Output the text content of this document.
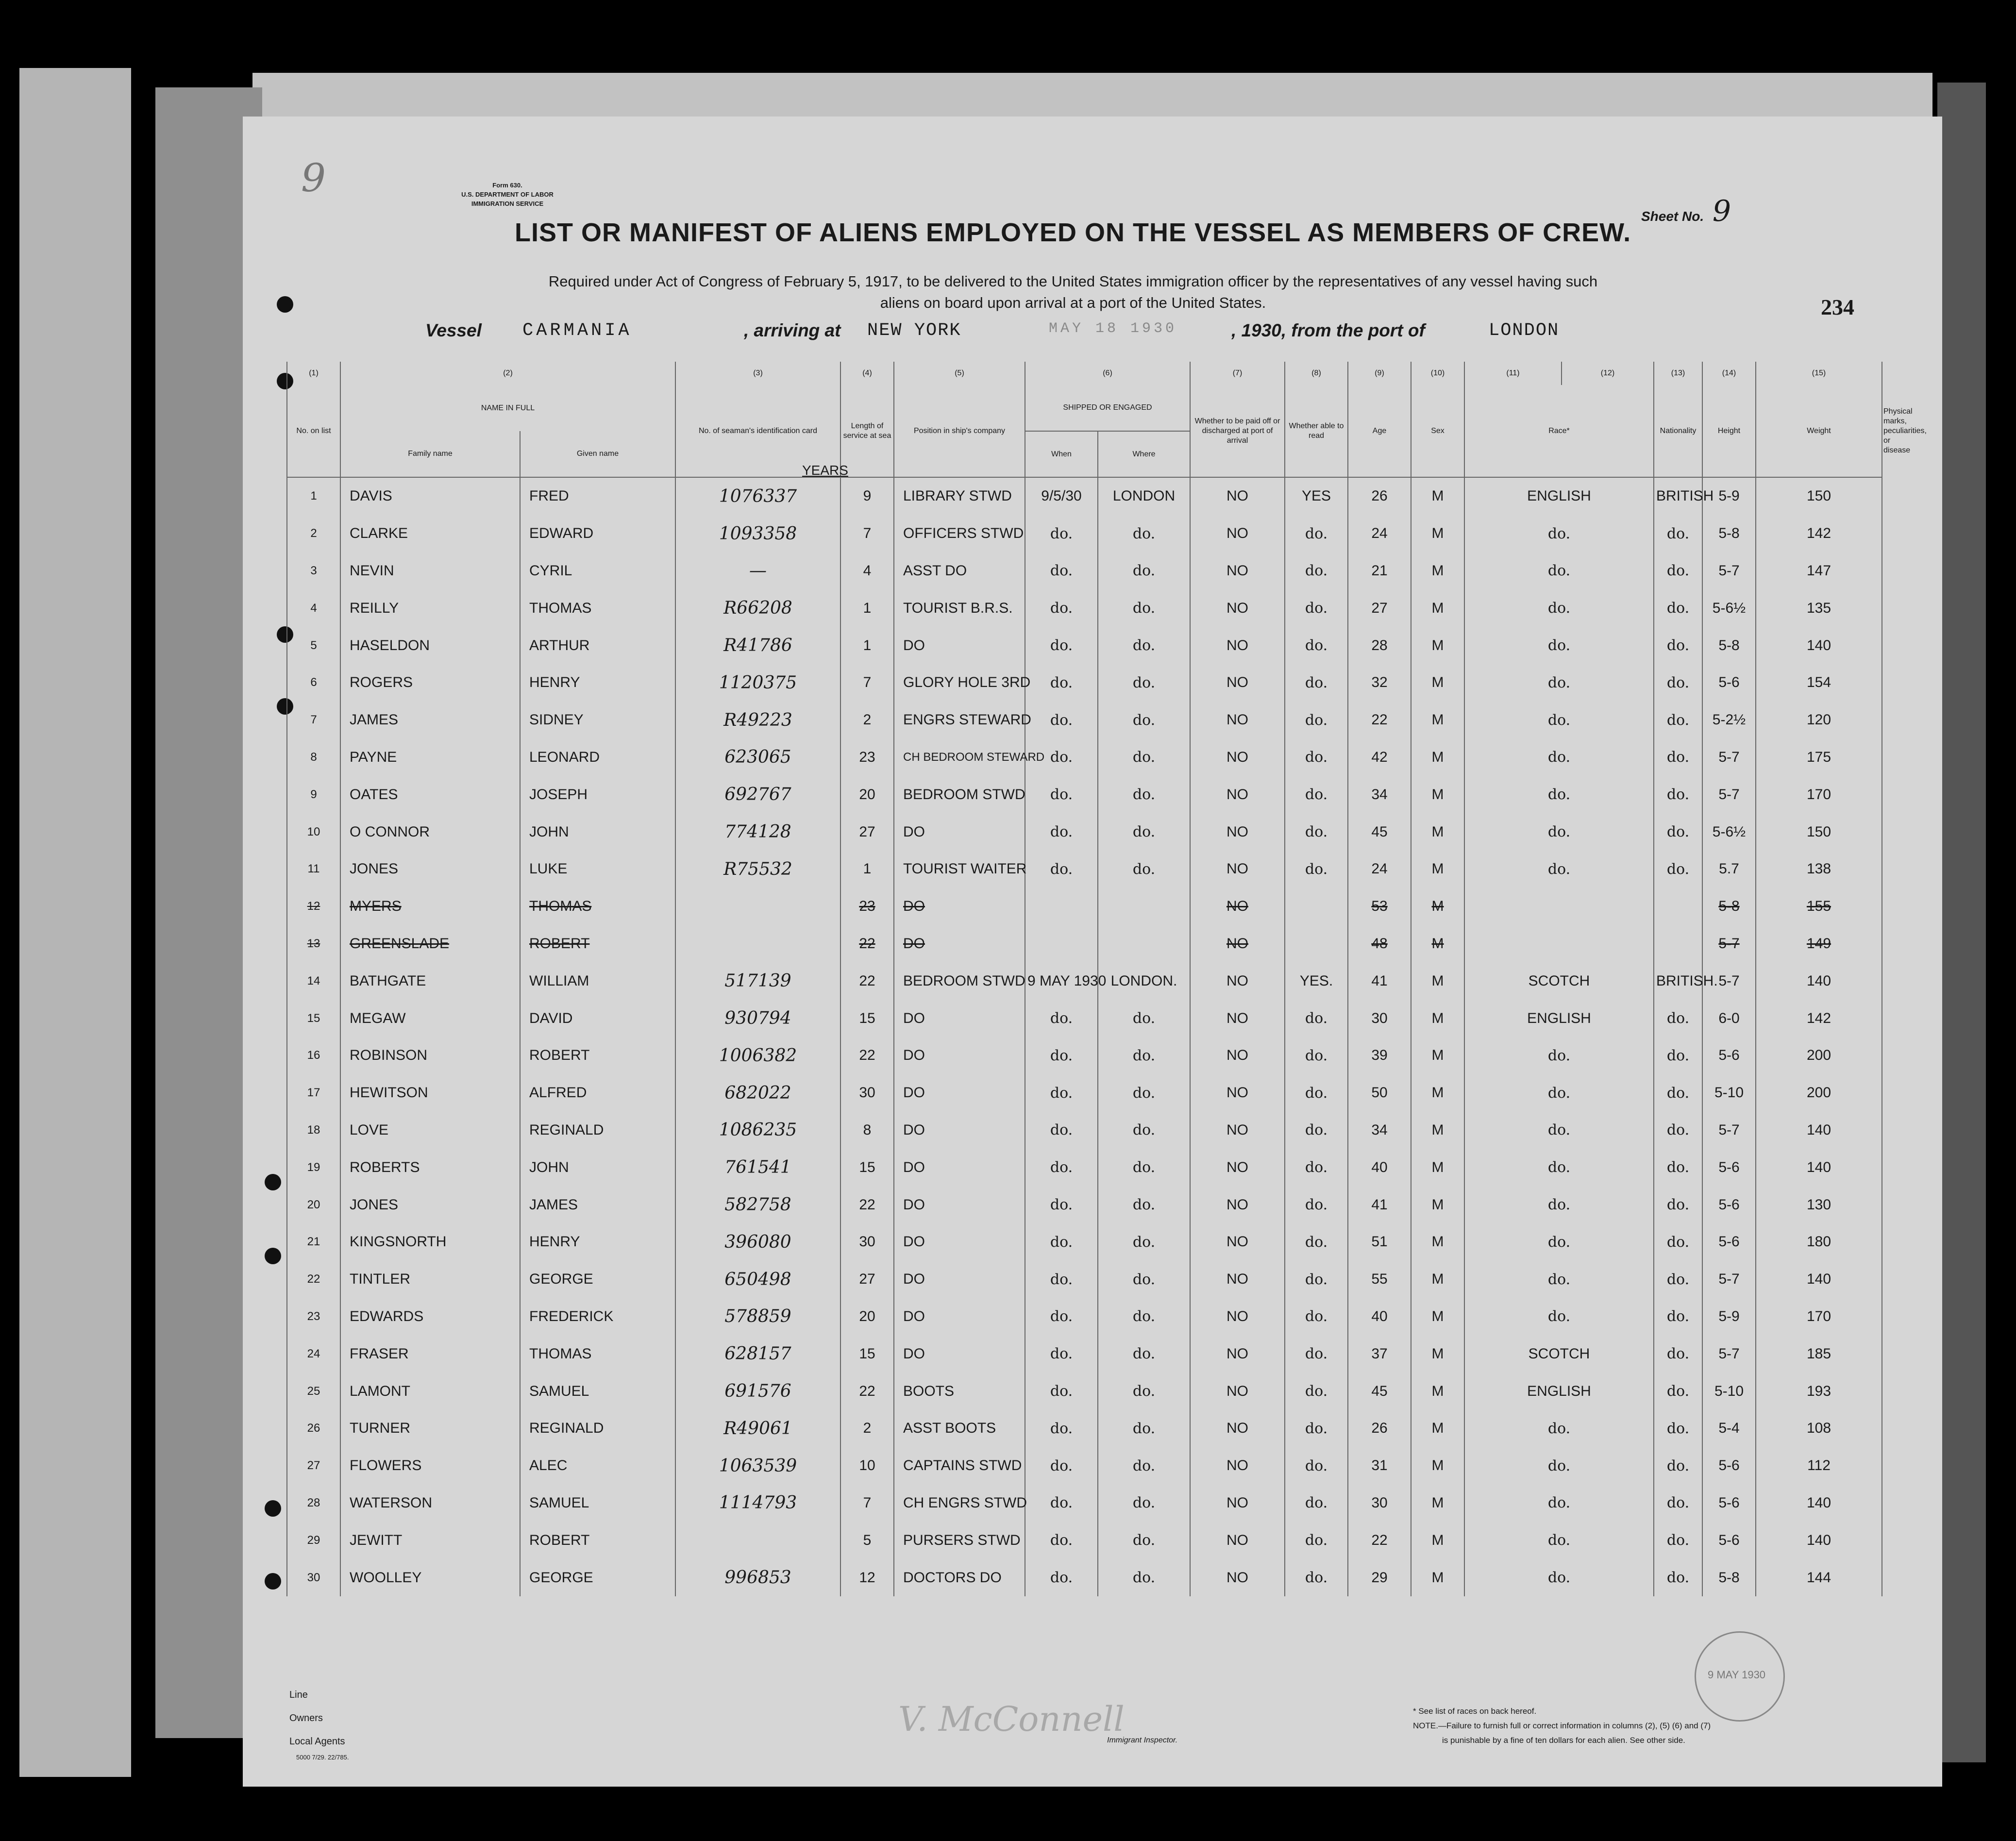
9	Form 630.
U.S. DEPARTMENT OF LABOR
IMMIGRATION SERVICE
Sheet No. 9
LIST OR MANIFEST OF ALIENS EMPLOYED ON THE VESSEL AS MEMBERS OF CREW.
Required under Act of Congress of February 5, 1917, to be delivered to the United States immigration officer by the representatives of any vessel having such
aliens on board upon arrival at a port of the United States.	234
Vessel CARMANIA	, arriving at NEW YORK	MAY 18 1930	, 1930, from the port of	LONDON
(1)	(2)		(3)	(4)	(5)	(6)		(7)	(8)	(9)	(10)	(11)	(12)	(13)	(14)	(15)	
No. on list	NAME IN FULL		No. of seaman's identification card	Length of service at sea	Position in ship's company	SHIPPED OR ENGAGED		Whether to be paid off or discharged at port of arrival	Whether able to read	Age	Sex	Race*		Nationality	Height	Weight	
	Family name	Given name				When	Where										
1	DAVIS	FRED	1076337	9	LIBRARY STWD	9/5/30	LONDON	NO	YES	26	M	ENGLISH		BRITISH	5-9	150	
2	CLARKE	EDWARD	1093358	7	OFFICERS STWD	do.	do.	NO	do.	24	M	do.		do.	5-8	142	
3	NEVIN	CYRIL	—	4	ASST DO	do.	do.	NO	do.	21	M	do.		do.	5-7	147	
4	REILLY	THOMAS	R66208	1	TOURIST B.R.S.	do.	do.	NO	do.	27	M	do.		do.	5-6½	135	
5	HASELDON	ARTHUR	R41786	1	DO	do.	do.	NO	do.	28	M	do.		do.	5-8	140	
6	ROGERS	HENRY	1120375	7	GLORY HOLE 3RD	do.	do.	NO	do.	32	M	do.		do.	5-6	154	
7	JAMES	SIDNEY	R49223	2	ENGRS STEWARD	do.	do.	NO	do.	22	M	do.		do.	5-2½	120	
8	PAYNE	LEONARD	623065	23	CH BEDROOM STEWARD	do.	do.	NO	do.	42	M	do.		do.	5-7	175	
9	OATES	JOSEPH	692767	20	BEDROOM STWD	do.	do.	NO	do.	34	M	do.		do.	5-7	170	
10	O CONNOR	JOHN	774128	27	DO	do.	do.	NO	do.	45	M	do.		do.	5-6½	150	
11	JONES	LUKE	R75532	1	TOURIST WAITER	do.	do.	NO	do.	24	M	do.		do.	5.7	138	
12	MYERS	THOMAS		23	DO			NO		53	M				5-8	155	
13	GREENSLADE	ROBERT		22	DO			NO		48	M				5-7	149	
14	BATHGATE	WILLIAM	517139	22	BEDROOM STWD	9 MAY 1930	LONDON.	NO	YES.	41	M	SCOTCH		BRITISH.	5-7	140	
15	MEGAW	DAVID	930794	15	DO	do.	do.	NO	do.	30	M	ENGLISH		do.	6-0	142	
16	ROBINSON	ROBERT	1006382	22	DO	do.	do.	NO	do.	39	M	do.		do.	5-6	200	
17	HEWITSON	ALFRED	682022	30	DO	do.	do.	NO	do.	50	M	do.		do.	5-10	200	
18	LOVE	REGINALD	1086235	8	DO	do.	do.	NO	do.	34	M	do.		do.	5-7	140	
19	ROBERTS	JOHN	761541	15	DO	do.	do.	NO	do.	40	M	do.		do.	5-6	140	
20	JONES	JAMES	582758	22	DO	do.	do.	NO	do.	41	M	do.		do.	5-6	130	
21	KINGSNORTH	HENRY	396080	30	DO	do.	do.	NO	do.	51	M	do.		do.	5-6	180	
22	TINTLER	GEORGE	650498	27	DO	do.	do.	NO	do.	55	M	do.		do.	5-7	140	
23	EDWARDS	FREDERICK	578859	20	DO	do.	do.	NO	do.	40	M	do.		do.	5-9	170	
24	FRASER	THOMAS	628157	15	DO	do.	do.	NO	do.	37	M	SCOTCH		do.	5-7	185	
25	LAMONT	SAMUEL	691576	22	BOOTS	do.	do.	NO	do.	45	M	ENGLISH		do.	5-10	193	
26	TURNER	REGINALD	R49061	2	ASST BOOTS	do.	do.	NO	do.	26	M	do.		do.	5-4	108	
27	FLOWERS	ALEC	1063539	10	CAPTAINS STWD	do.	do.	NO	do.	31	M	do.		do.	5-6	112	
28	WATERSON	SAMUEL	1114793	7	CH ENGRS STWD	do.	do.	NO	do.	30	M	do.		do.	5-6	140	
29	JEWITT	ROBERT		5	PURSERS STWD	do.	do.	NO	do.	22	M	do.		do.	5-6	140	
30	WOOLLEY	GEORGE	996853	12	DOCTORS DO	do.	do.	NO	do.	29	M	do.		do.	5-8	144	
YEARS
Line
Owners
Local Agents
5000 7/29. 22/785.
V. McConnell
Immigrant Inspector.
* See list of races on back hereof.
NOTE.—Failure to furnish full or correct information in columns (2), (5) (6) and (7)
is punishable by a fine of ten dollars for each alien. See other side.
9 MAY 1930
